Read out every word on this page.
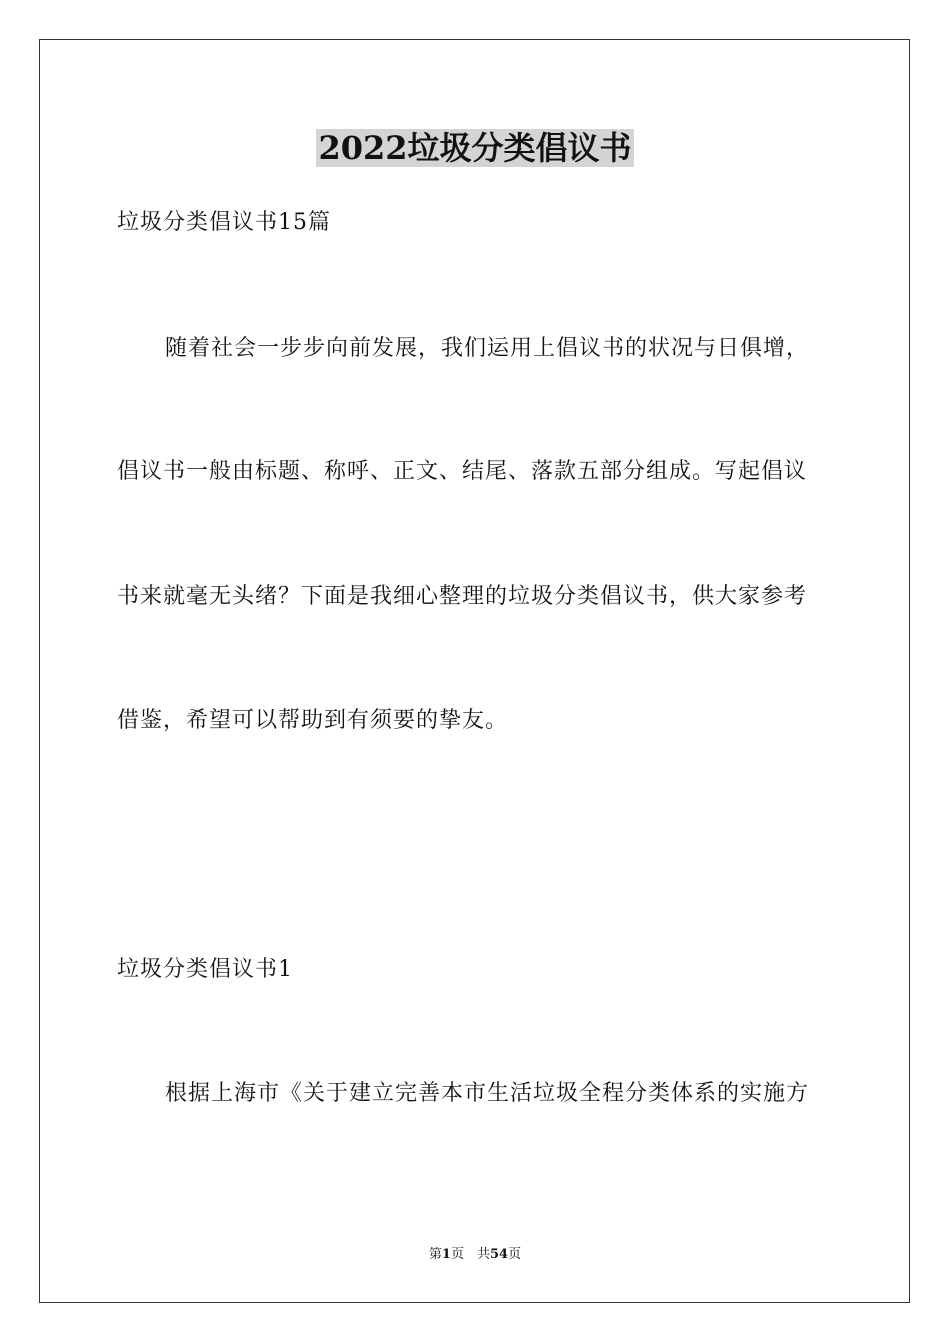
2022垃圾分类倡议书
垃圾分类倡议书15篇
随着社会一步步向前发展，我们运用上倡议书的状况与日俱增，
倡议书一般由标题、称呼、正文、结尾、落款五部分组成。写起倡议
书来就毫无头绪？下面是我细心整理的垃圾分类倡议书，供大家参考
借鉴，希望可以帮助到有须要的挚友。
垃圾分类倡议书1
根据上海市《关于建立完善本市生活垃圾全程分类体系的实施方
第1页　共54页
